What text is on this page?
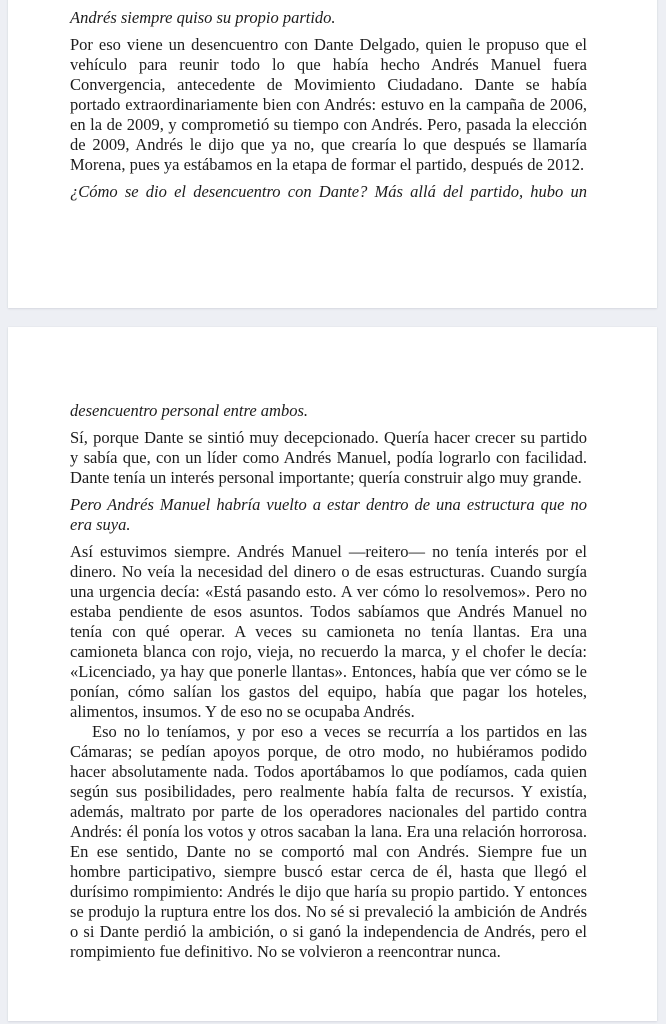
Andrés siempre quiso su propio partido.

Por eso viene un desencuentro con Dante Delgado, quien le propuso que el vehículo para reunir todo lo que había hecho Andrés Manuel fuera Convergencia, antecedente de Movimiento Ciudadano. Dante se había portado extraordinariamente bien con Andrés: estuvo en la campaña de 2006, en la de 2009, y comprometió su tiempo con Andrés. Pero, pasada la elección de 2009, Andrés le dijo que ya no, que crearía lo que después se llamaría Morena, pues ya estábamos en la etapa de formar el partido, después de 2012.

¿Cómo se dio el desencuentro con Dante? Más allá del partido, hubo un

desencuentro personal entre ambos.

Sí, porque Dante se sintió muy decepcionado. Quería hacer crecer su partido y sabía que, con un líder como Andrés Manuel, podía lograrlo con facilidad. Dante tenía un interés personal importante; quería construir algo muy grande.

Pero Andrés Manuel habría vuelto a estar dentro de una estructura que no era suya.

Así estuvimos siempre. Andrés Manuel —reitero— no tenía interés por el dinero. No veía la necesidad del dinero o de esas estructuras. Cuando surgía una urgencia decía: «Está pasando esto. A ver cómo lo resolvemos». Pero no estaba pendiente de esos asuntos. Todos sabíamos que Andrés Manuel no tenía con qué operar. A veces su camioneta no tenía llantas. Era una camioneta blanca con rojo, vieja, no recuerdo la marca, y el chofer le decía: «Licenciado, ya hay que ponerle llantas». Entonces, había que ver cómo se le ponían, cómo salían los gastos del equipo, había que pagar los hoteles, alimentos, insumos. Y de eso no se ocupaba Andrés.

Eso no lo teníamos, y por eso a veces se recurría a los partidos en las Cámaras; se pedían apoyos porque, de otro modo, no hubiéramos podido hacer absolutamente nada. Todos aportábamos lo que podíamos, cada quien según sus posibilidades, pero realmente había falta de recursos. Y existía, además, maltrato por parte de los operadores nacionales del partido contra Andrés: él ponía los votos y otros sacaban la lana. Era una relación horrorosa. En ese sentido, Dante no se comportó mal con Andrés. Siempre fue un hombre participativo, siempre buscó estar cerca de él, hasta que llegó el durísimo rompimiento: Andrés le dijo que haría su propio partido. Y entonces se produjo la ruptura entre los dos. No sé si prevaleció la ambición de Andrés o si Dante perdió la ambición, o si ganó la independencia de Andrés, pero el rompimiento fue definitivo. No se volvieron a reencontrar nunca.
